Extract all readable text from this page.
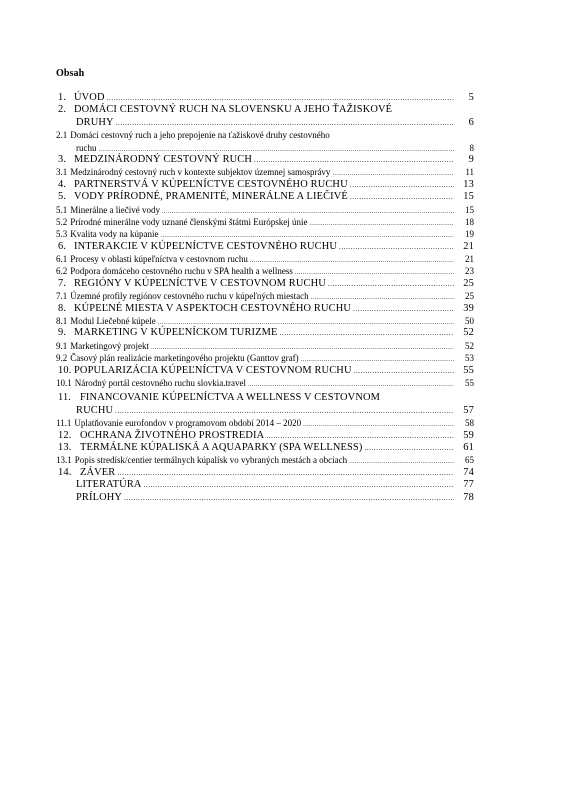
Obsah
1. ÚVOD .....	5
2. DOMÁCI CESTOVNÝ RUCH NA SLOVENSKU A JEHO ŤAŽISKOVÉ
DRUHY .....	6
2.1 Domáci cestovný ruch a jeho prepojenie na ťažiskové druhy cestovného
ruchu .....	8
3. MEDZINÁRODNÝ CESTOVNÝ RUCH .....	9
3.1 Medzinárodný cestovný ruch v kontexte subjektov územnej samosprávy .....	11
4. PARTNERSTVÁ V KÚPEĽNÍCTVE CESTOVNÉHO RUCHU .....	13
5. VODY PRÍRODNÉ, PRAMENITÉ, MINERÁLNE A LIEČIVÉ .....	15
5.1 Minerálne a liečivé vody .....	15
5.2 Prírodné minerálne vody uznané členskými štátmi Európskej únie .....	18
5.3 Kvalita vody na kúpanie .....	19
6. INTERAKCIE V KÚPEĽNÍCTVE CESTOVNÉHO RUCHU .....	21
6.1 Procesy v oblasti kúpeľníctva v cestovnom ruchu .....	21
6.2 Podpora domáceho cestovného ruchu v SPA health a wellness .....	23
7. REGIÓNY V KÚPEĽNÍCTVE V CESTOVNOM RUCHU .....	25
7.1 Územné profily regiónov cestovného ruchu v kúpeľných miestach .....	25
8. KÚPEĽNÉ MIESTA V ASPEKTOCH CESTOVNÉHO RUCHU .....	39
8.1 Modul Liečebné kúpele .....	50
9. MARKETING V KÚPEĽNÍCKOM TURIZME .....	52
9.1 Marketingový projekt .....	52
9.2 Časový plán realizácie marketingového projektu (Ganttov graf) .....	53
10. POPULARIZÁCIA KÚPEĽNÍCTVA V CESTOVNOM RUCHU .....	55
10.1 Národný portál cestovného ruchu slovkia.travel .....	55
11. FINANCOVANIE KÚPEĽNÍCTVA A WELLNESS V CESTOVNOM
RUCHU .....	57
11.1 Uplatňovanie eurofondov v programovom období 2014 – 2020 .....	58
12. OCHRANA ŽIVOTNÉHO PROSTREDIA .....	59
13. TERMÁLNE KÚPALISKÁ A AQUAPARKY (SPA WELLNESS) .....	61
13.1 Popis stredísk/centier termálnych kúpalísk vo vybraných mestách a obciach .....	65
14. ZÁVER .....	74
LITERATÚRA .....	77
PRÍLOHY .....	78
